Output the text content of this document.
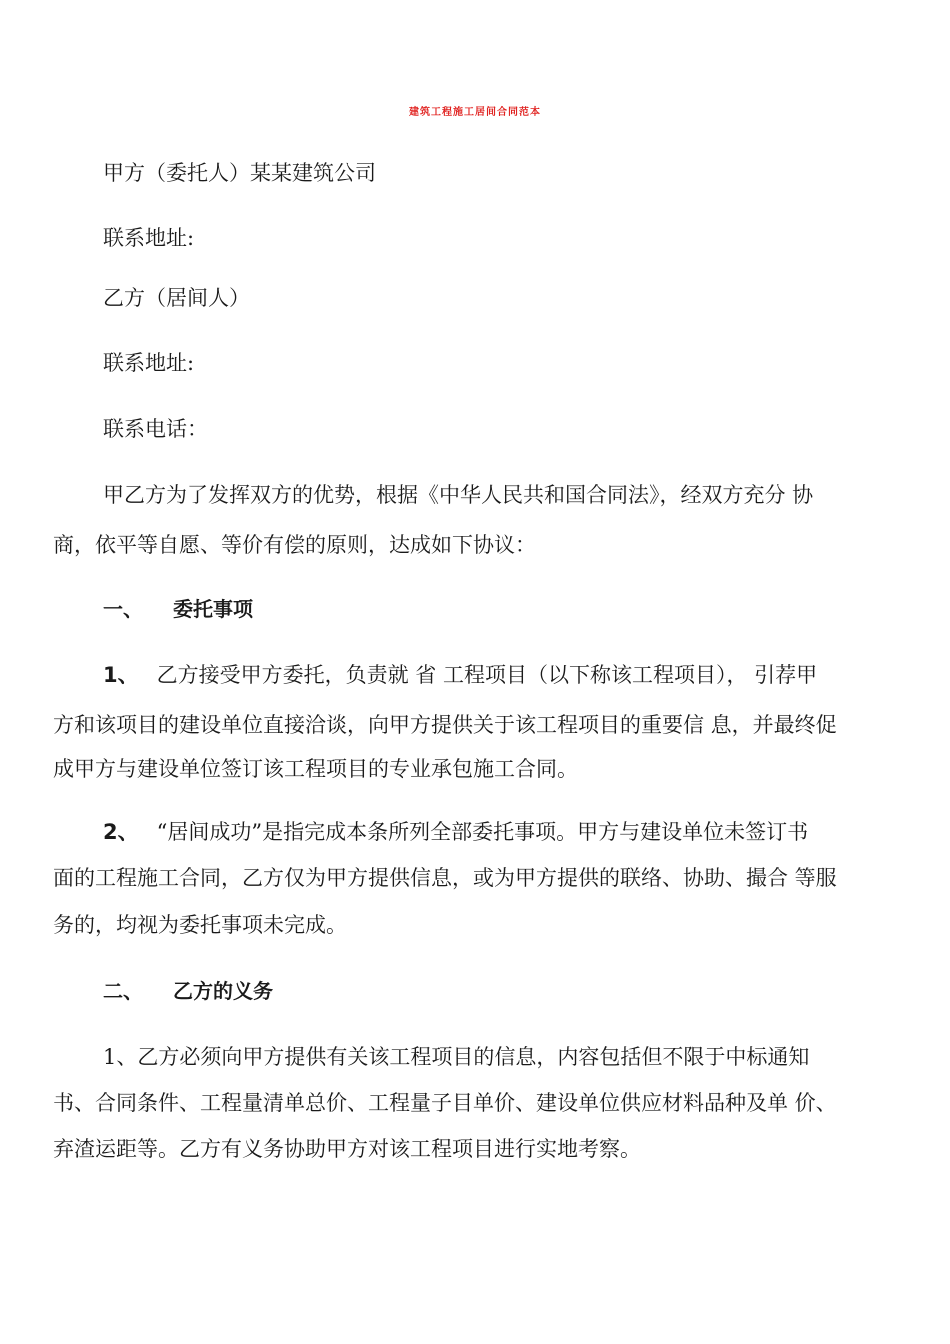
建筑工程施工居间合同范本
甲方（委托人）某某建筑公司
联系地址:
乙方（居间人）
联系地址:
联系电话：
甲乙方为了发挥双方的优势，根据《中华人民共和国合同法》，经双方充分 协
商，依平等自愿、等价有偿的原则，达成如下协议：
一、 委托事项
1、 乙方接受甲方委托，负责就 省 工程项目（以下称该工程项目）， 引荐甲
方和该项目的建设单位直接洽谈，向甲方提供关于该工程项目的重要信 息，并最终促
成甲方与建设单位签订该工程项目的专业承包施工合同。
2、 “居间成功”是指完成本条所列全部委托事项。甲方与建设单位未签订书
面的工程施工合同，乙方仅为甲方提供信息，或为甲方提供的联络、协助、撮合 等服
务的，均视为委托事项未完成。
二、 乙方的义务
1、乙方必须向甲方提供有关该工程项目的信息，内容包括但不限于中标通知
书、合同条件、工程量清单总价、工程量子目单价、建设单位供应材料品种及单 价、
弃渣运距等。乙方有义务协助甲方对该工程项目进行实地考察。
